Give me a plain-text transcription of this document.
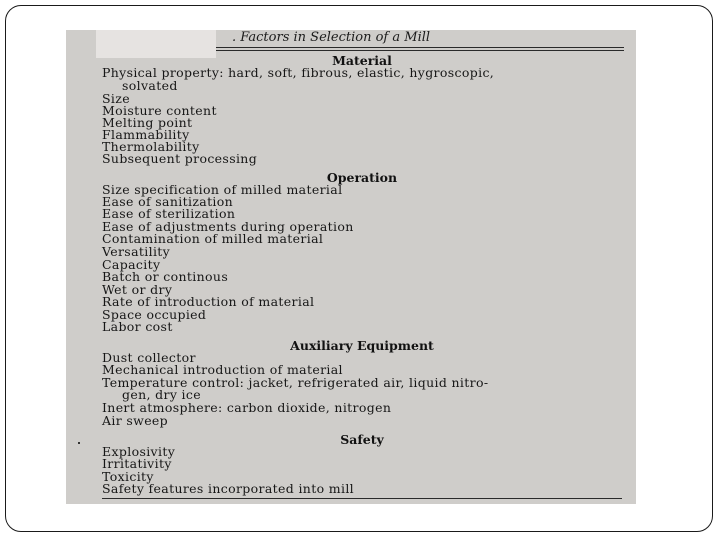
. Factors in Selection of a Mill
Material
Physical property: hard, soft, fibrous, elastic, hygroscopic,
solvated
Size
Moisture content
Melting point
Flammability
Thermolability
Subsequent processing
Operation
Size specification of milled material
Ease of sanitization
Ease of sterilization
Ease of adjustments during operation
Contamination of milled material
Versatility
Capacity
Batch or continous
Wet or dry
Rate of introduction of material
Space occupied
Labor cost
Auxiliary Equipment
Dust collector
Mechanical introduction of material
Temperature control: jacket, refrigerated air, liquid nitro-
gen, dry ice
Inert atmosphere: carbon dioxide, nitrogen
Air sweep
Safety
Explosivity
Irritativity
Toxicity
Safety features incorporated into mill
